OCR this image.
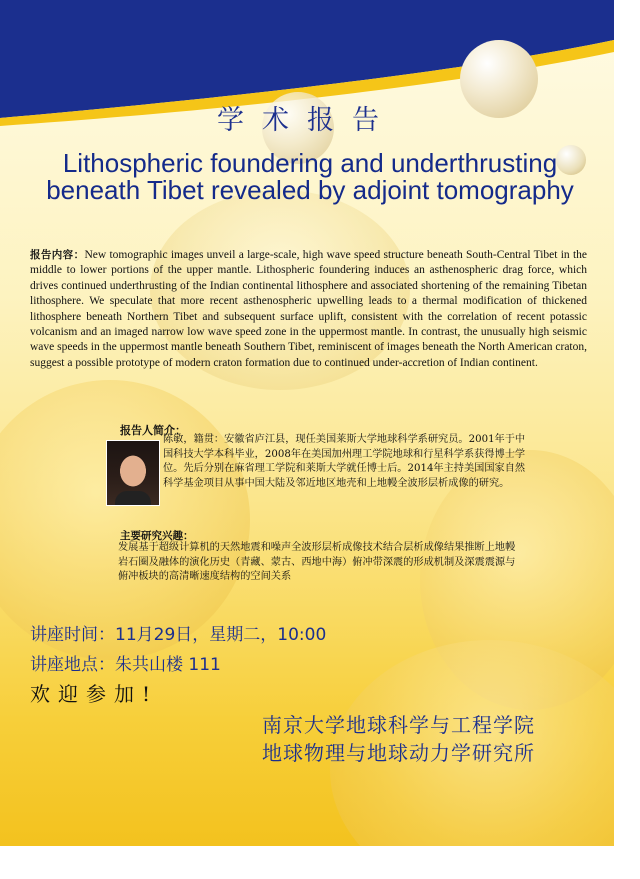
学术报告
Lithospheric foundering and underthrusting
beneath Tibet revealed by adjoint tomography

报告内容：New tomographic images unveil a large-scale, high wave speed structure beneath South-Central Tibet in the middle to lower portions of the upper mantle. Lithospheric foundering induces an asthenospheric drag force, which drives continued underthrusting of the Indian continental lithosphere and associated shortening of the remaining Tibetan lithosphere. We speculate that more recent asthenospheric upwelling leads to a thermal modification of thickened lithosphere beneath Northern Tibet and subsequent surface uplift, consistent with the correlation of recent potassic volcanism and an imaged narrow low wave speed zone in the uppermost mantle. In contrast, the unusually high seismic wave speeds in the uppermost mantle beneath Southern Tibet, reminiscent of images beneath the North American craton, suggest a possible prototype of modern craton formation due to continued under-accretion of Indian continent.

报告人简介：

陈敏，籍贯：安徽省庐江县，现任美国莱斯大学地球科学系研究员。2001年于中国科技大学本科毕业，2008年在美国加州理工学院地球和行星科学系获得博士学位。先后分别在麻省理工学院和莱斯大学就任博士后。2014年主持美国国家自然科学基金项目从事中国大陆及邻近地区地壳和上地幔全波形层析成像的研究。

主要研究兴趣：

发展基于超级计算机的天然地震和噪声全波形层析成像技术结合层析成像结果推断上地幔岩石圈及融体的演化历史（青藏、蒙古、西地中海）俯冲带深震的形成机制及深震震源与俯冲板块的高清晰速度结构的空间关系

讲座时间：11月29日，星期二，10:00
讲座地点：朱共山楼 111
欢迎参加!
南京大学地球科学与工程学院
地球物理与地球动力学研究所
